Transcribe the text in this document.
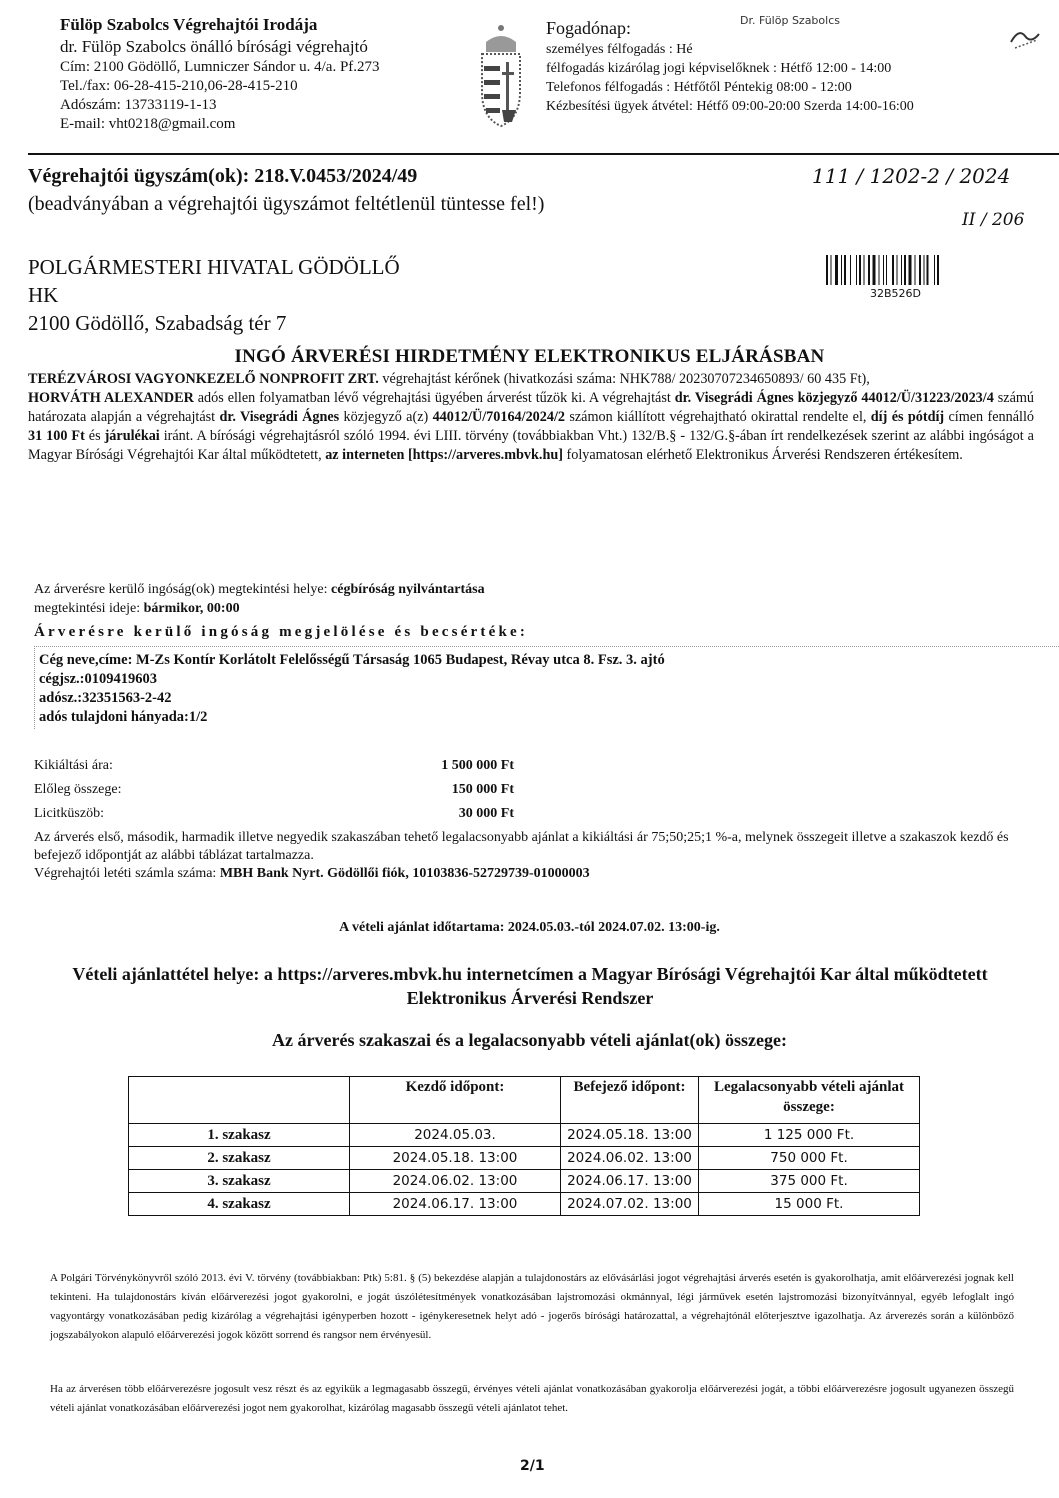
Fülöp Szabolcs Végrehajtói Irodája
dr. Fülöp Szabolcs önálló bírósági végrehajtó
Cím: 2100 Gödöllő, Lumniczer Sándor u. 4/a. Pf.273
Tel./fax: 06-28-415-210,06-28-415-210
Adószám: 13733119-1-13
E-mail: vht0218@gmail.com
Fogadónap:
személyes félfogadás : Hé
félfogadás kizárólag jogi képviselőknek : Hétfő 12:00 - 14:00
Telefonos félfogadás : Hétfőtől Péntekig 08:00 - 12:00
Kézbesítési ügyek átvétel: Hétfő 09:00-20:00 Szerda 14:00-16:00
Dr. Fülöp Szabolcs
Végrehajtói ügyszám(ok): 218.V.0453/2024/49
(beadványában a végrehajtói ügyszámot feltétlenül tüntesse fel!)
111 / 1202-2 / 2024
II / 206
32B526D
POLGÁRMESTERI HIVATAL GÖDÖLLŐ
HK
2100 Gödöllő, Szabadság tér 7
INGÓ ÁRVERÉSI HIRDETMÉNY ELEKTRONIKUS ELJÁRÁSBAN

TERÉZVÁROSI VAGYONKEZELŐ NONPROFIT ZRT. végrehajtást kérőnek (hivatkozási száma: NHK788/ 20230707234650893/ 60 435 Ft),

HORVÁTH ALEXANDER adós ellen folyamatban lévő végrehajtási ügyében árverést tűzök ki. A végrehajtást dr. Visegrádi Ágnes közjegyző 44012/Ü/31223/2023/4 számú határozata alapján a végrehajtást dr. Visegrádi Ágnes közjegyző a(z) 44012/Ü/70164/2024/2 számon kiállított végrehajtható okirattal rendelte el, díj és pótdíj címen fennálló 31 100 Ft és járulékai iránt. A bírósági végrehajtásról szóló 1994. évi LIII. törvény (továbbiakban Vht.) 132/B.§ - 132/G.§-ában írt rendelkezések szerint az alábbi ingóságot a Magyar Bírósági Végrehajtói Kar által működtetett, az interneten [https://arveres.mbvk.hu] folyamatosan elérhető Elektronikus Árverési Rendszeren értékesítem.

Az árverésre kerülő ingóság(ok) megtekintési helye: cégbíróság nyilvántartása
megtekintési ideje: bármikor, 00:00
Árverésre kerülő ingóság megjelölése és becsértéke:
Cég neve,címe: M-Zs Kontír Korlátolt Felelősségű Társaság 1065 Budapest, Révay utca 8. Fsz. 3. ajtó
cégjsz.:0109419603
adósz.:32351563-2-42
adós tulajdoni hányada:1/2
Kikiáltási ára:	1 500 000 Ft
Előleg összege:	150 000 Ft
Licitküszöb:	30 000 Ft

Az árverés első, második, harmadik illetve negyedik szakaszában tehető legalacsonyabb ajánlat a kikiáltási ár 75;50;25;1 %-a, melynek összegeit illetve a szakaszok kezdő és befejező időpontját az alábbi táblázat tartalmazza.

Végrehajtói letéti számla száma: MBH Bank Nyrt. Gödöllői fiók, 10103836-52729739-01000003

A vételi ajánlat időtartama: 2024.05.03.-tól 2024.07.02. 13:00-ig.
Vételi ajánlattétel helye: a https://arveres.mbvk.hu internetcímen a Magyar Bírósági Végrehajtói Kar által működtetett Elektronikus Árverési Rendszer
Az árverés szakaszai és a legalacsonyabb vételi ajánlat(ok) összege:
	Kezdő időpont:	Befejező időpont:	Legalacsonyabb vételi ajánlat összege:
1. szakasz	2024.05.03.	2024.05.18. 13:00	1 125 000 Ft.
2. szakasz	2024.05.18. 13:00	2024.06.02. 13:00	750 000 Ft.
3. szakasz	2024.06.02. 13:00	2024.06.17. 13:00	375 000 Ft.
4. szakasz	2024.06.17. 13:00	2024.07.02. 13:00	15 000 Ft.
A Polgári Törvénykönyvről szóló 2013. évi V. törvény (továbbiakban: Ptk) 5:81. § (5) bekezdése alapján a tulajdonostárs az elővásárlási jogot végrehajtási árverés esetén is gyakorolhatja, amit előárverezési jognak kell tekinteni. Ha tulajdonostárs kíván előárverezési jogot gyakorolni, e jogát úszólétesítmények vonatkozásában lajstromozási okmánnyal, légi járművek esetén lajstromozási bizonyítvánnyal, egyéb lefoglalt ingó vagyontárgy vonatkozásában pedig kizárólag a végrehajtási igényperben hozott - igénykeresetnek helyt adó - jogerős bírósági határozattal, a végrehajtónál előterjesztve igazolhatja. Az árverezés során a különböző jogszabályokon alapuló előárverezési jogok között sorrend és rangsor nem érvényesül.
Ha az árverésen több előárverezésre jogosult vesz részt és az egyikük a legmagasabb összegű, érvényes vételi ajánlat vonatkozásában gyakorolja előárverezési jogát, a többi előárverezésre jogosult ugyanezen összegű vételi ajánlat vonatkozásában előárverezési jogot nem gyakorolhat, kizárólag magasabb összegű vételi ajánlatot tehet.
2/1
